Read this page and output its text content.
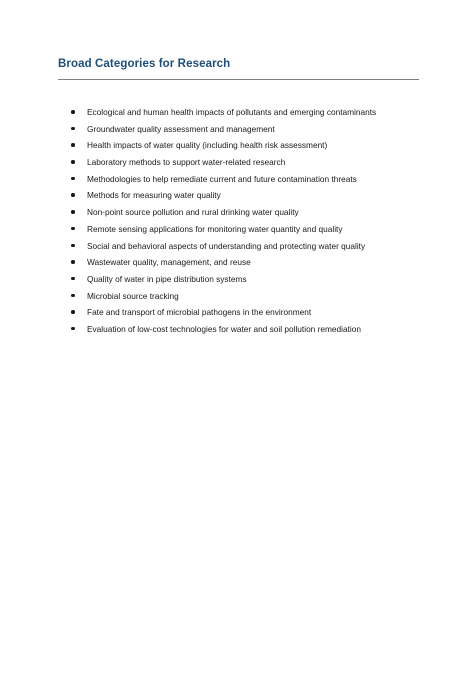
Broad Categories for Research
Ecological and human health impacts of pollutants and emerging contaminants
Groundwater quality assessment and management
Health impacts of water quality (including health risk assessment)
Laboratory methods to support water-related research
Methodologies to help remediate current and future contamination threats
Methods for measuring water quality
Non-point source pollution and rural drinking water quality
Remote sensing applications for monitoring water quantity and quality
Social and behavioral aspects of understanding and protecting water quality
Wastewater quality, management, and reuse
Quality of water in pipe distribution systems
Microbial source tracking
Fate and transport of microbial pathogens in the environment
Evaluation of low-cost technologies for water and soil pollution remediation
